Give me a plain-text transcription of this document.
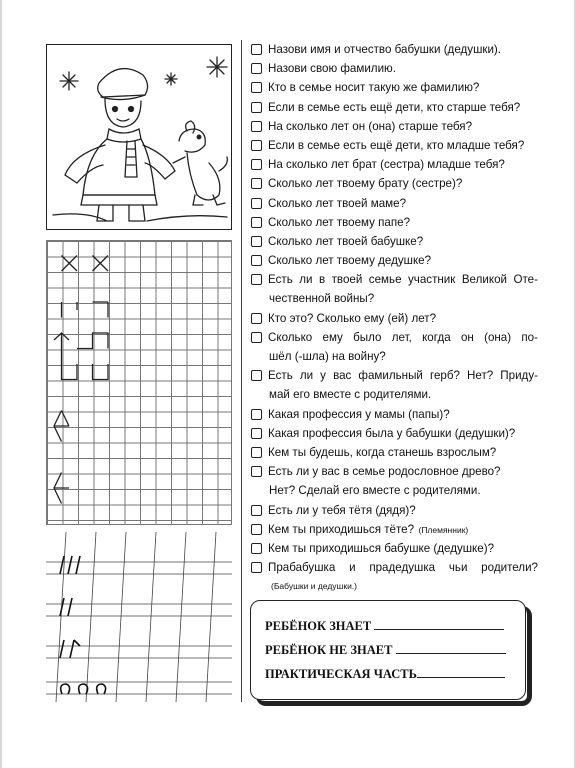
Назови имя и отчество бабушки (дедушки).
Назови свою фамилию.
Кто в семье носит такую же фамилию?
Если в семье есть ещё дети, кто старше тебя?
На сколько лет он (она) старше тебя?
Если в семье есть ещё дети, кто младше тебя?
На сколько лет брат (сестра) младше тебя?
Сколько лет твоему брату (сестре)?
Сколько лет твоей маме?
Сколько лет твоему папе?
Сколько лет твоей бабушке?
Сколько лет твоему дедушке?
Есть ли в твоей семье участник Великой Оте-
чественной войны?
Кто это? Сколько ему (ей) лет?
Сколько ему было лет, когда он (она) по-
шёл (-шла) на войну?
Есть ли у вас фамильный герб? Нет? Приду-
май его вместе с родителями.
Какая профессия у мамы (папы)?
Какая профессия была у бабушки (дедушки)?
Кем ты будешь, когда станешь взрослым?
Есть ли у вас в семье родословное древо?
Нет? Сделай его вместе с родителями.
Есть ли у тебя тётя (дядя)?
Кем ты приходишься тёте?
(Племянник)
Кем ты приходишься бабушке (дедушке)?
Прабабушка и прадедушка чьи родители?
(Бабушки и дедушки.)
РЕБЁНОК ЗНАЕТ
РЕБЁНОК НЕ ЗНАЕТ
ПРАКТИЧЕСКАЯ ЧАСТЬ
